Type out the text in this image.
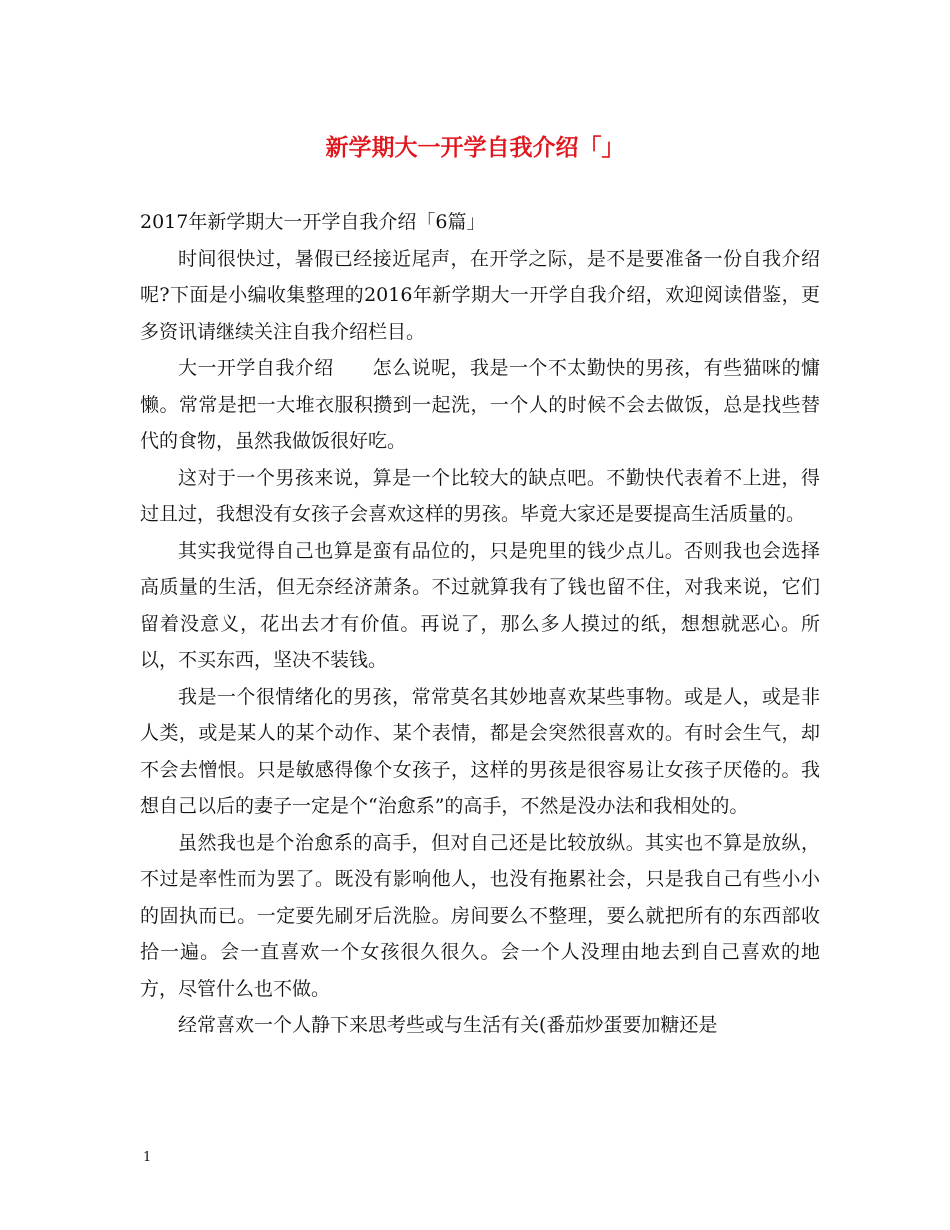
新学期大一开学自我介绍「」

2017年新学期大一开学自我介绍「6篇」

时间很快过，暑假已经接近尾声，在开学之际，是不是要准备一份自我介绍呢?下面是小编收集整理的2016年新学期大一开学自我介绍，欢迎阅读借鉴，更多资讯请继续关注自我介绍栏目。

大一开学自我介绍　　怎么说呢，我是一个不太勤快的男孩，有些猫咪的慵懒。常常是把一大堆衣服积攒到一起洗，一个人的时候不会去做饭，总是找些替代的食物，虽然我做饭很好吃。

这对于一个男孩来说，算是一个比较大的缺点吧。不勤快代表着不上进，得过且过，我想没有女孩子会喜欢这样的男孩。毕竟大家还是要提高生活质量的。

其实我觉得自己也算是蛮有品位的，只是兜里的钱少点儿。否则我也会选择高质量的生活，但无奈经济萧条。不过就算我有了钱也留不住，对我来说，它们留着没意义，花出去才有价值。再说了，那么多人摸过的纸，想想就恶心。所以，不买东西，坚决不装钱。

我是一个很情绪化的男孩，常常莫名其妙地喜欢某些事物。或是人，或是非人类，或是某人的某个动作、某个表情，都是会突然很喜欢的。有时会生气，却不会去憎恨。只是敏感得像个女孩子，这样的男孩是很容易让女孩子厌倦的。我想自己以后的妻子一定是个“治愈系”的高手，不然是没办法和我相处的。

虽然我也是个治愈系的高手，但对自己还是比较放纵。其实也不算是放纵，不过是率性而为罢了。既没有影响他人，也没有拖累社会，只是我自己有些小小的固执而已。一定要先刷牙后洗脸。房间要么不整理，要么就把所有的东西部收拾一遍。会一直喜欢一个女孩很久很久。会一个人没理由地去到自己喜欢的地方，尽管什么也不做。

经常喜欢一个人静下来思考些或与生活有关(番茄炒蛋要加糖还是

1
